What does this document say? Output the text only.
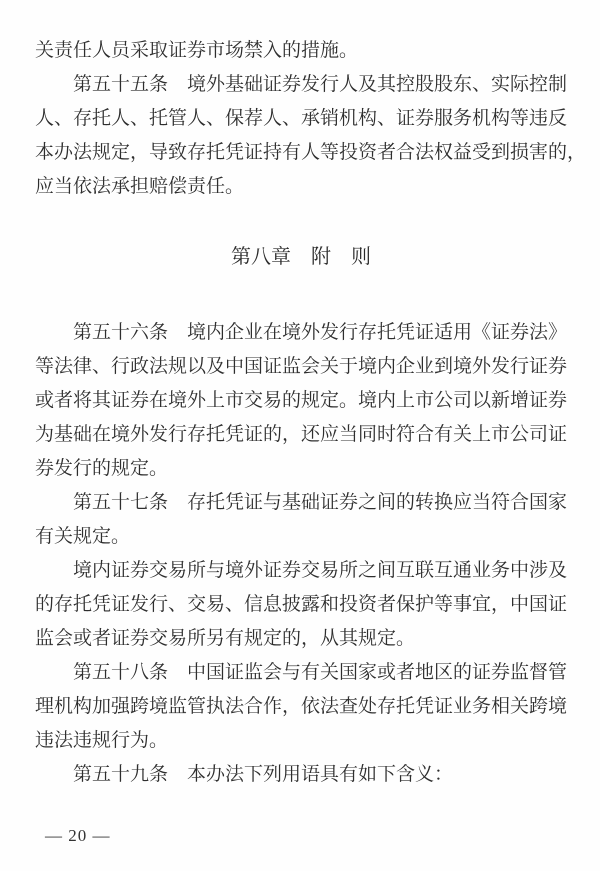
关责任人员采取证券市场禁入的措施。
第五十五条　境外基础证券发行人及其控股股东、实际控制
人、存托人、托管人、保荐人、承销机构、证券服务机构等违反
本办法规定，导致存托凭证持有人等投资者合法权益受到损害的，
应当依法承担赔偿责任。
第八章　附　则
第五十六条　境内企业在境外发行存托凭证适用《证券法》
等法律、行政法规以及中国证监会关于境内企业到境外发行证券
或者将其证券在境外上市交易的规定。境内上市公司以新增证券
为基础在境外发行存托凭证的，还应当同时符合有关上市公司证
券发行的规定。
第五十七条　存托凭证与基础证券之间的转换应当符合国家
有关规定。
境内证券交易所与境外证券交易所之间互联互通业务中涉及
的存托凭证发行、交易、信息披露和投资者保护等事宜，中国证
监会或者证券交易所另有规定的，从其规定。
第五十八条　中国证监会与有关国家或者地区的证券监督管
理机构加强跨境监管执法合作，依法查处存托凭证业务相关跨境
违法违规行为。
第五十九条　本办法下列用语具有如下含义：
— 20 —
